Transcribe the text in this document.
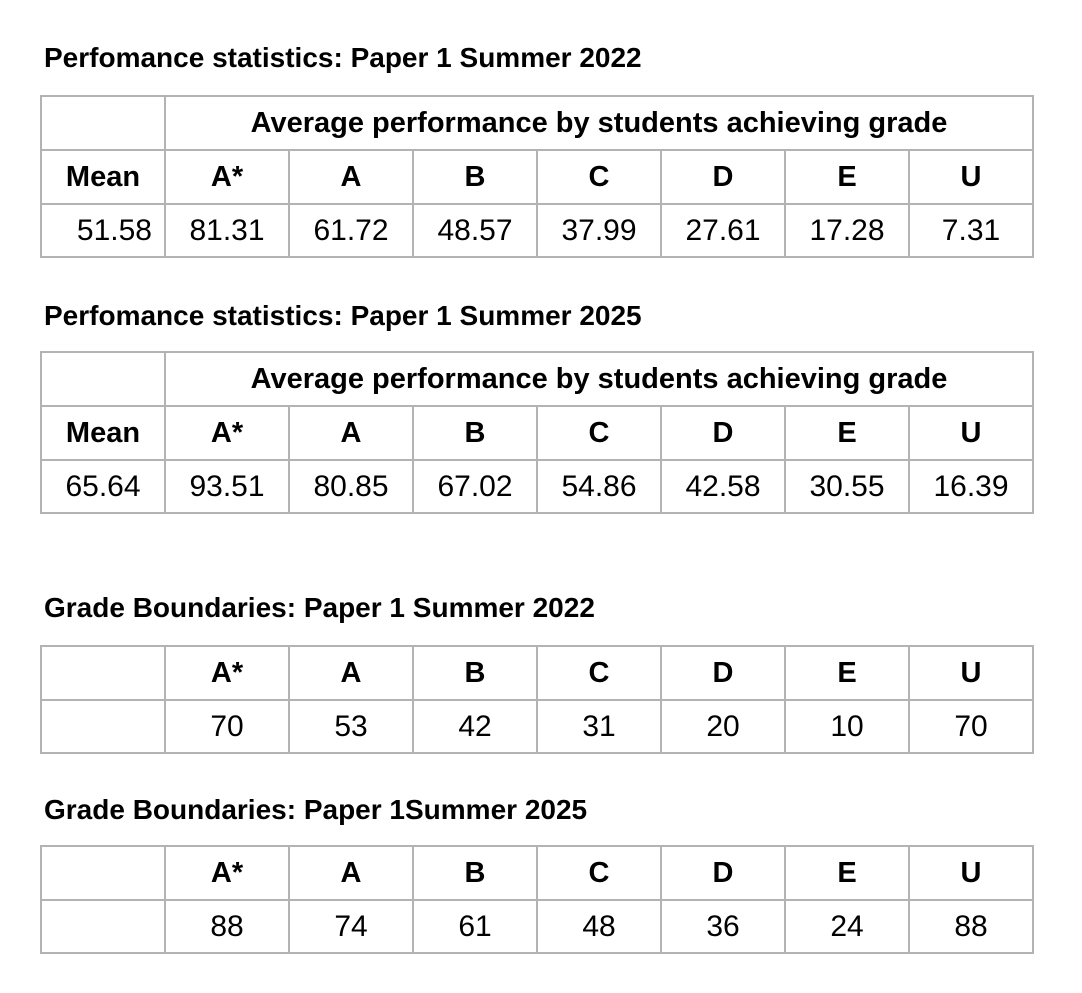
Perfomance statistics: Paper 1 Summer 2022
	Average performance by students achieving grade						
Mean	A*	A	B	C	D	E	U
51.58	81.31	61.72	48.57	37.99	27.61	17.28	7.31
Perfomance statistics: Paper 1 Summer 2025
	Average performance by students achieving grade						
Mean	A*	A	B	C	D	E	U
65.64	93.51	80.85	67.02	54.86	42.58	30.55	16.39
Grade Boundaries: Paper 1 Summer 2022
	A*	A	B	C	D	E	U
	70	53	42	31	20	10	70
Grade Boundaries: Paper 1Summer 2025
	A*	A	B	C	D	E	U
	88	74	61	48	36	24	88
